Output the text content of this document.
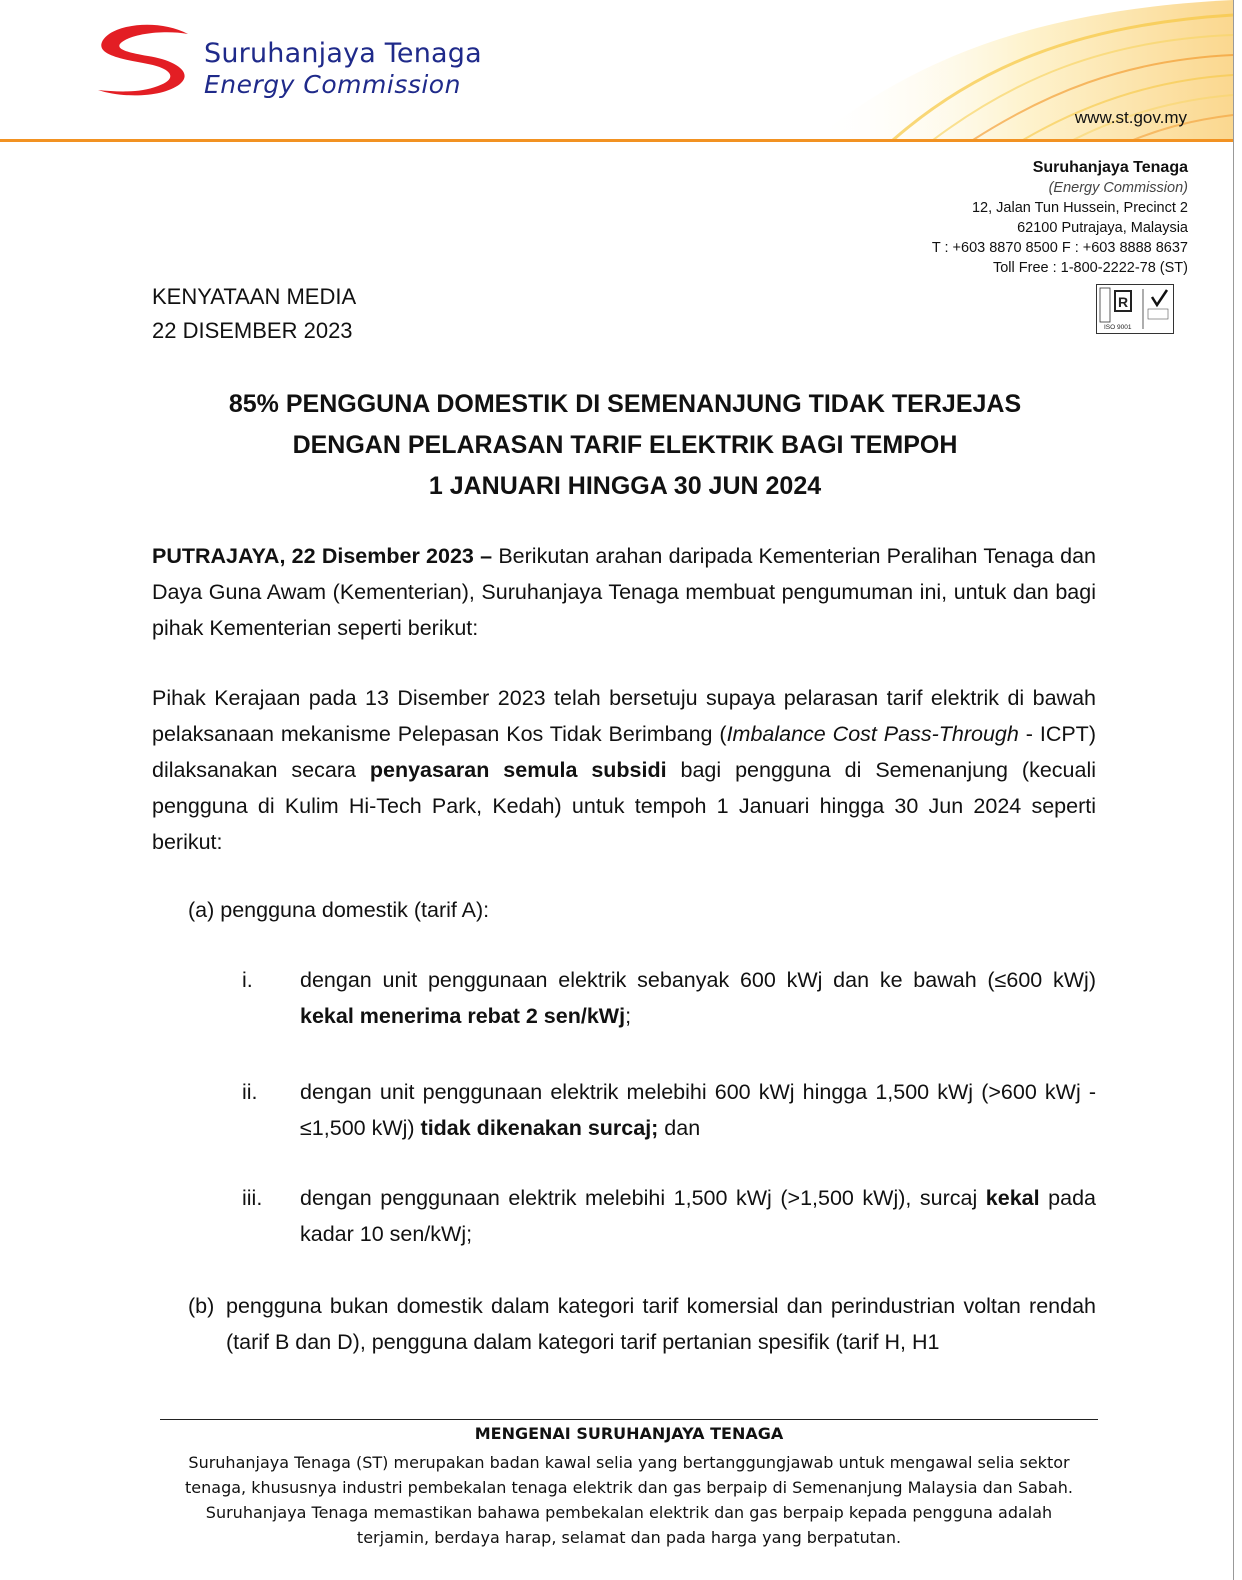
Suruhanjaya Tenaga
Energy Commission
www.st.gov.my
Suruhanjaya Tenaga
(Energy Commission)
12, Jalan Tun Hussein, Precinct 2
62100 Putrajaya, Malaysia
T : +603 8870 8500 F : +603 8888 8637
Toll Free : 1-800-2222-78 (ST)
R
ISO 9001
KENYATAAN MEDIA
22 DISEMBER 2023
85% PENGGUNA DOMESTIK DI SEMENANJUNG TIDAK TERJEJAS
DENGAN PELARASAN TARIF ELEKTRIK BAGI TEMPOH
1 JANUARI HINGGA 30 JUN 2024
PUTRAJAYA, 22 Disember 2023 – Berikutan arahan daripada Kementerian Peralihan Tenaga dan Daya Guna Awam (Kementerian), Suruhanjaya Tenaga membuat pengumuman ini, untuk dan bagi pihak Kementerian seperti berikut:
Pihak Kerajaan pada 13 Disember 2023 telah bersetuju supaya pelarasan tarif elektrik di bawah pelaksanaan mekanisme Pelepasan Kos Tidak Berimbang (Imbalance Cost Pass-Through - ICPT) dilaksanakan secara penyasaran semula subsidi bagi pengguna di Semenanjung (kecuali pengguna di Kulim Hi-Tech Park, Kedah) untuk tempoh 1 Januari hingga 30 Jun 2024 seperti berikut:
(a) pengguna domestik (tarif A):
i. dengan unit penggunaan elektrik sebanyak 600 kWj dan ke bawah (≤600 kWj) kekal menerima rebat 2 sen/kWj;
ii. dengan unit penggunaan elektrik melebihi 600 kWj hingga 1,500 kWj (>600 kWj - ≤1,500 kWj) tidak dikenakan surcaj; dan
iii. dengan penggunaan elektrik melebihi 1,500 kWj (>1,500 kWj), surcaj kekal pada kadar 10 sen/kWj;
(b) pengguna bukan domestik dalam kategori tarif komersial dan perindustrian voltan rendah (tarif B dan D), pengguna dalam kategori tarif pertanian spesifik (tarif H, H1
MENGENAI SURUHANJAYA TENAGA
Suruhanjaya Tenaga (ST) merupakan badan kawal selia yang bertanggungjawab untuk mengawal selia sektor
tenaga, khususnya industri pembekalan tenaga elektrik dan gas berpaip di Semenanjung Malaysia dan Sabah.
Suruhanjaya Tenaga memastikan bahawa pembekalan elektrik dan gas berpaip kepada pengguna adalah
terjamin, berdaya harap, selamat dan pada harga yang berpatutan.
